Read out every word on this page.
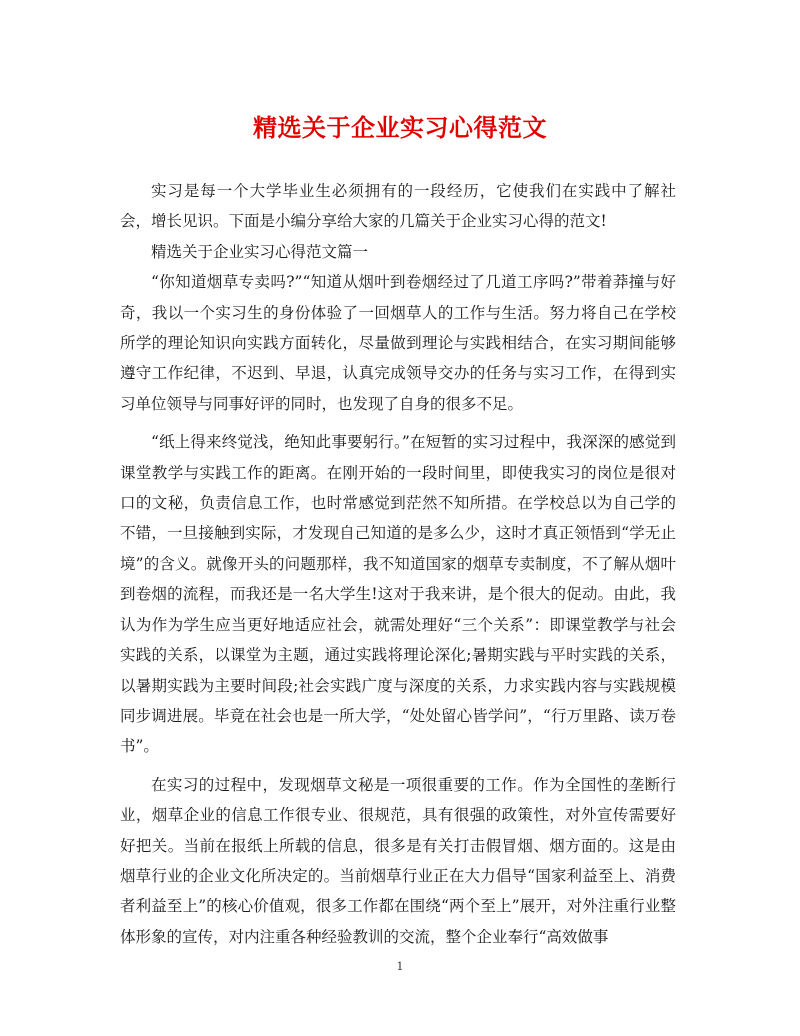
精选关于企业实习心得范文

实习是每一个大学毕业生必须拥有的一段经历，它使我们在实践中了解社会，增长见识。下面是小编分享给大家的几篇关于企业实习心得的范文!

精选关于企业实习心得范文篇一

“你知道烟草专卖吗?”“知道从烟叶到卷烟经过了几道工序吗?”带着莽撞与好奇，我以一个实习生的身份体验了一回烟草人的工作与生活。努力将自己在学校所学的理论知识向实践方面转化，尽量做到理论与实践相结合，在实习期间能够遵守工作纪律，不迟到、早退，认真完成领导交办的任务与实习工作，在得到实习单位领导与同事好评的同时，也发现了自身的很多不足。

“纸上得来终觉浅，绝知此事要躬行。”在短暂的实习过程中，我深深的感觉到课堂教学与实践工作的距离。在刚开始的一段时间里，即使我实习的岗位是很对口的文秘，负责信息工作，也时常感觉到茫然不知所措。在学校总以为自己学的不错，一旦接触到实际，才发现自己知道的是多么少，这时才真正领悟到“学无止境”的含义。就像开头的问题那样，我不知道国家的烟草专卖制度，不了解从烟叶到卷烟的流程，而我还是一名大学生!这对于我来讲，是个很大的促动。由此，我认为作为学生应当更好地适应社会，就需处理好“三个关系”：即课堂教学与社会实践的关系，以课堂为主题，通过实践将理论深化;暑期实践与平时实践的关系，以暑期实践为主要时间段;社会实践广度与深度的关系，力求实践内容与实践规模同步调进展。毕竟在社会也是一所大学，“处处留心皆学问”，“行万里路、读万卷书”。

在实习的过程中，发现烟草文秘是一项很重要的工作。作为全国性的垄断行业，烟草企业的信息工作很专业、很规范，具有很强的政策性，对外宣传需要好好把关。当前在报纸上所载的信息，很多是有关打击假冒烟、烟方面的。这是由烟草行业的企业文化所决定的。当前烟草行业正在大力倡导“国家利益至上、消费者利益至上”的核心价值观，很多工作都在围绕“两个至上”展开，对外注重行业整体形象的宣传，对内注重各种经验教训的交流，整个企业奉行“高效做事

1
